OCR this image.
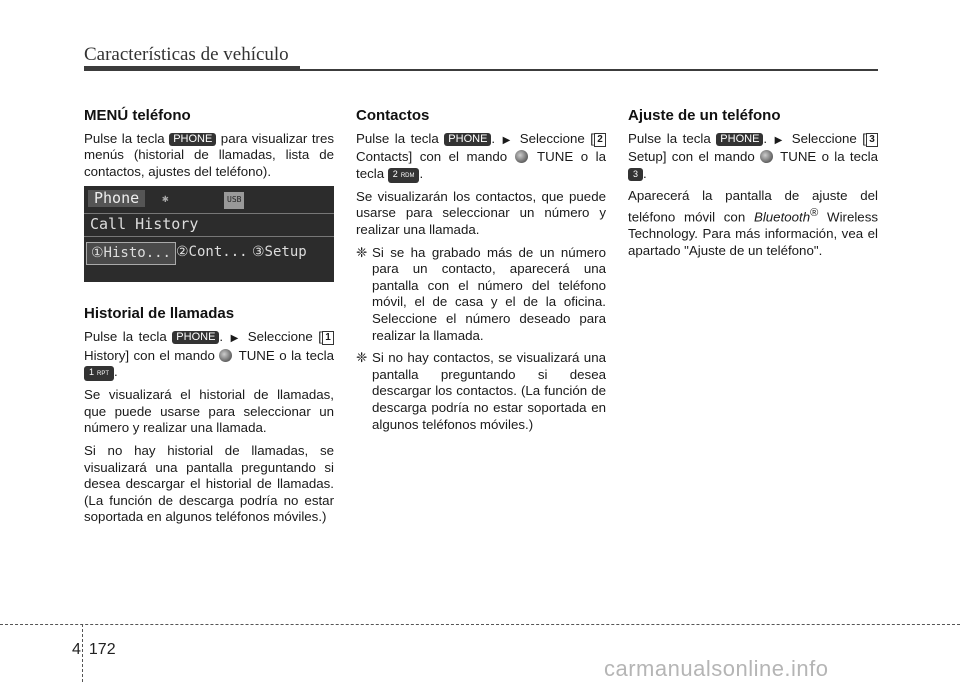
Características de vehículo
MENÚ teléfono

Pulse la tecla PHONE para visualizar tres menús (historial de llamadas, lista de contactos, ajustes del teléfono).

Phone	✱	USB
Call History
①Histo... ②Cont... ③Setup
Historial de llamadas

Pulse la tecla PHONE . ▶ Seleccione [ 1 History] con el mando  TUNE o la tecla 1 RPT .

Se visualizará el historial de llamadas, que puede usarse para seleccionar un número y realizar una llamada.

Si no hay historial de llamadas, se visualizará una pantalla preguntando si desea descargar el historial de llamadas. (La función de descarga podría no estar soportada en algunos teléfonos móviles.)

Contactos

Pulse la tecla PHONE . ▶ Seleccione [ 2 Contacts] con el mando  TUNE o la tecla 2 RDM .

Se visualizarán los contactos, que puede usarse para seleccionar un número y realizar una llamada.

❈ Si se ha grabado más de un número para un contacto, aparecerá una pantalla con el número del teléfono móvil, el de casa y el de la oficina. Seleccione el número deseado para realizar la llamada.
❈ Si no hay contactos, se visualizará una pantalla preguntando si desea descargar los contactos. (La función de descarga podría no estar soportada en algunos teléfonos móviles.)
Ajuste de un teléfono

Pulse la tecla PHONE . ▶ Seleccione [ 3 Setup] con el mando  TUNE o la tecla 3 .

Aparecerá la pantalla de ajuste del teléfono móvil con Bluetooth® Wireless Technology. Para más información, vea el apartado "Ajuste de un teléfono".

4 172
carmanualsonline.info
